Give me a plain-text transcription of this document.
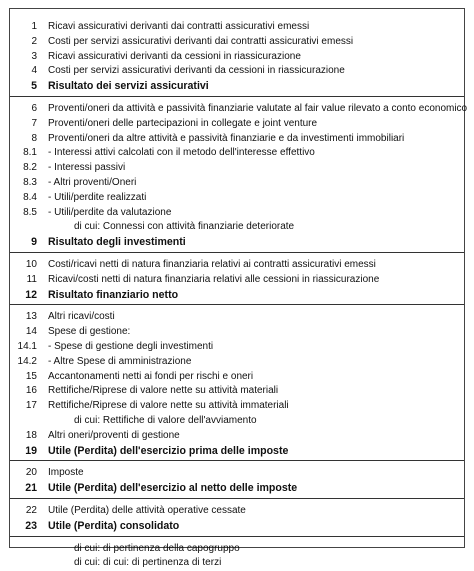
1 Ricavi assicurativi derivanti dai contratti assicurativi emessi
2 Costi per servizi assicurativi derivanti dai contratti assicurativi emessi
3 Ricavi assicurativi derivanti da cessioni in riassicurazione
4 Costi per servizi assicurativi derivanti da cessioni in riassicurazione
5 Risultato dei servizi assicurativi
6 Proventi/oneri da attività e passività finanziarie valutate al fair value rilevato a conto economico
7 Proventi/oneri delle partecipazioni in collegate e joint venture
8 Proventi/oneri da altre attività e passività finanziarie e da investimenti immobiliari
8.1 - Interessi attivi calcolati con il metodo dell'interesse effettivo
8.2 - Interessi passivi
8.3 - Altri proventi/Oneri
8.4 - Utili/perdite realizzati
8.5 - Utili/perdite da valutazione
di cui: Connessi con attività finanziarie deteriorate
9 Risultato degli investimenti
10 Costi/ricavi netti di natura finanziaria relativi ai contratti assicurativi emessi
11 Ricavi/costi netti di natura finanziaria relativi alle cessioni in riassicurazione
12 Risultato finanziario netto
13 Altri ricavi/costi
14 Spese di gestione:
14.1 - Spese di gestione degli investimenti
14.2 - Altre Spese di amministrazione
15 Accantonamenti netti ai fondi per rischi e oneri
16 Rettifiche/Riprese di valore nette su attività materiali
17 Rettifiche/Riprese di valore nette su attività immateriali
di cui: Rettifiche di valore dell'avviamento
18 Altri oneri/proventi di gestione
19 Utile (Perdita) dell'esercizio prima delle imposte
20 Imposte
21 Utile (Perdita) dell'esercizio al netto delle imposte
22 Utile (Perdita) delle attività operative cessate
23 Utile (Perdita) consolidato
di cui: di pertinenza della capogruppo
di cui: di cui: di pertinenza di terzi
